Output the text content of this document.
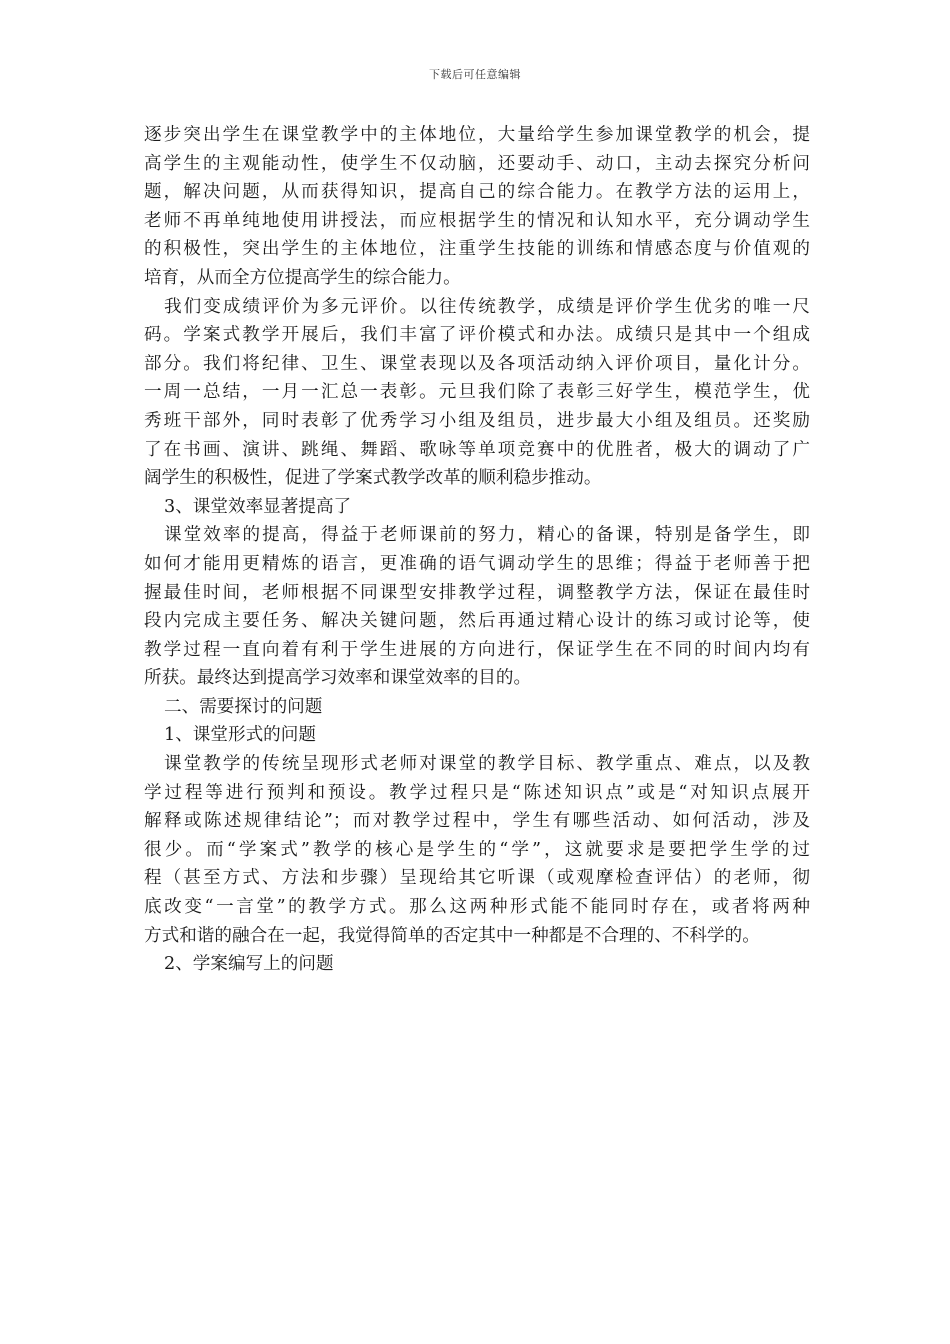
下载后可任意编辑
逐步突出学生在课堂教学中的主体地位，大量给学生参加课堂教学的机会，提
高学生的主观能动性，使学生不仅动脑，还要动手、动口，主动去探究分析问
题，解决问题，从而获得知识，提高自己的综合能力。在教学方法的运用上，
老师不再单纯地使用讲授法，而应根据学生的情况和认知水平，充分调动学生
的积极性，突出学生的主体地位，注重学生技能的训练和情感态度与价值观的
培育，从而全方位提高学生的综合能力。
我们变成绩评价为多元评价。以往传统教学，成绩是评价学生优劣的唯一尺
码。学案式教学开展后，我们丰富了评价模式和办法。成绩只是其中一个组成
部分。我们将纪律、卫生、课堂表现以及各项活动纳入评价项目，量化计分。
一周一总结，一月一汇总一表彰。元旦我们除了表彰三好学生，模范学生，优
秀班干部外，同时表彰了优秀学习小组及组员，进步最大小组及组员。还奖励
了在书画、演讲、跳绳、舞蹈、歌咏等单项竞赛中的优胜者，极大的调动了广
阔学生的积极性，促进了学案式教学改革的顺利稳步推动。
3、课堂效率显著提高了
课堂效率的提高，得益于老师课前的努力，精心的备课，特别是备学生，即
如何才能用更精炼的语言，更准确的语气调动学生的思维；得益于老师善于把
握最佳时间，老师根据不同课型安排教学过程，调整教学方法，保证在最佳时
段内完成主要任务、解决关键问题，然后再通过精心设计的练习或讨论等，使
教学过程一直向着有利于学生进展的方向进行，保证学生在不同的时间内均有
所获。最终达到提高学习效率和课堂效率的目的。
二、需要探讨的问题
1、课堂形式的问题
课堂教学的传统呈现形式老师对课堂的教学目标、教学重点、难点，以及教
学过程等进行预判和预设。教学过程只是“陈述知识点”或是“对知识点展开
解释或陈述规律结论”；而对教学过程中，学生有哪些活动、如何活动，涉及
很少。而“学案式”教学的核心是学生的“学”，这就要求是要把学生学的过
程（甚至方式、方法和步骤）呈现给其它听课（或观摩检查评估）的老师，彻
底改变“一言堂”的教学方式。那么这两种形式能不能同时存在，或者将两种
方式和谐的融合在一起，我觉得简单的否定其中一种都是不合理的、不科学的。
2、学案编写上的问题
